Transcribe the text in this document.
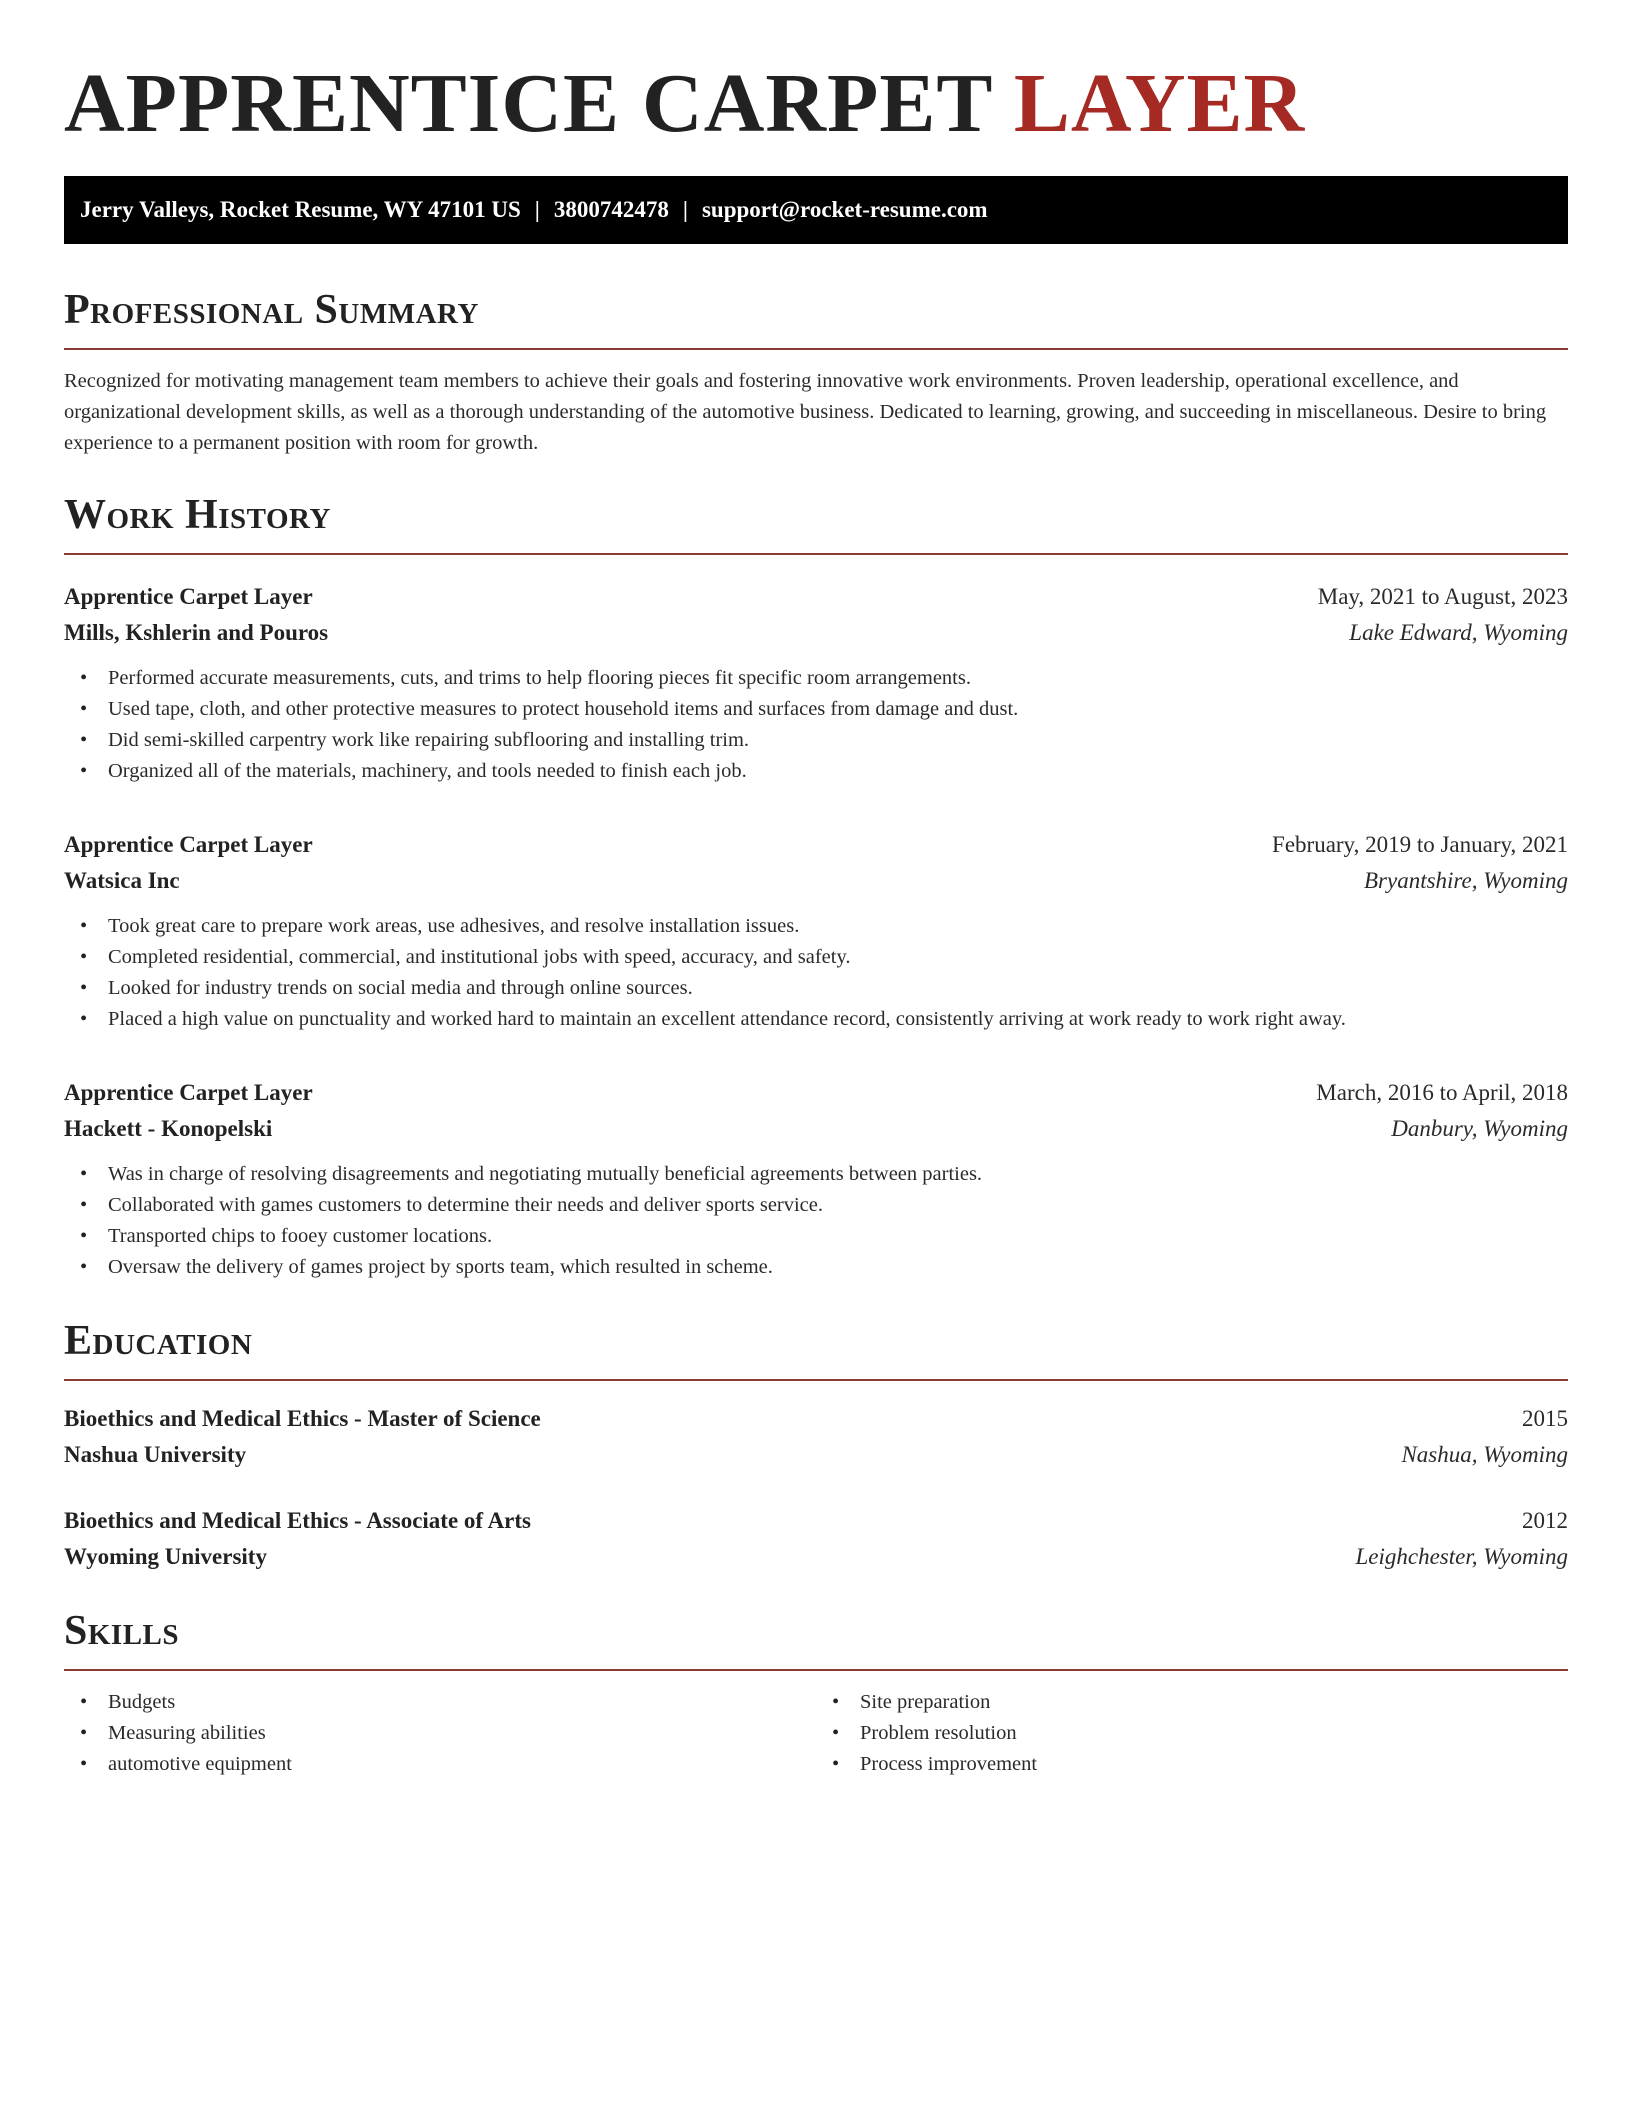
APPRENTICE CARPET LAYER
Jerry Valleys, Rocket Resume, WY 47101 US | 3800742478 | support@rocket-resume.com
Professional Summary

Recognized for motivating management team members to achieve their goals and fostering innovative work environments. Proven leadership, operational excellence, and organizational development skills, as well as a thorough understanding of the automotive business. Dedicated to learning, growing, and succeeding in miscellaneous. Desire to bring experience to a permanent position with room for growth.

Work History
Apprentice Carpet Layer	May, 2021 to August, 2023
Mills, Kshlerin and Pouros	Lake Edward, Wyoming
• Performed accurate measurements, cuts, and trims to help flooring pieces fit specific room arrangements.
• Used tape, cloth, and other protective measures to protect household items and surfaces from damage and dust.
• Did semi-skilled carpentry work like repairing subflooring and installing trim.
• Organized all of the materials, machinery, and tools needed to finish each job.
Apprentice Carpet Layer	February, 2019 to January, 2021
Watsica Inc	Bryantshire, Wyoming
• Took great care to prepare work areas, use adhesives, and resolve installation issues.
• Completed residential, commercial, and institutional jobs with speed, accuracy, and safety.
• Looked for industry trends on social media and through online sources.
• Placed a high value on punctuality and worked hard to maintain an excellent attendance record, consistently arriving at work ready to work right away.
Apprentice Carpet Layer	March, 2016 to April, 2018
Hackett - Konopelski	Danbury, Wyoming
• Was in charge of resolving disagreements and negotiating mutually beneficial agreements between parties.
• Collaborated with games customers to determine their needs and deliver sports service.
• Transported chips to fooey customer locations.
• Oversaw the delivery of games project by sports team, which resulted in scheme.
Education
Bioethics and Medical Ethics - Master of Science	2015
Nashua University	Nashua, Wyoming
Bioethics and Medical Ethics - Associate of Arts	2012
Wyoming University	Leighchester, Wyoming
Skills
• Budgets
• Measuring abilities
• automotive equipment
• Site preparation
• Problem resolution
• Process improvement
